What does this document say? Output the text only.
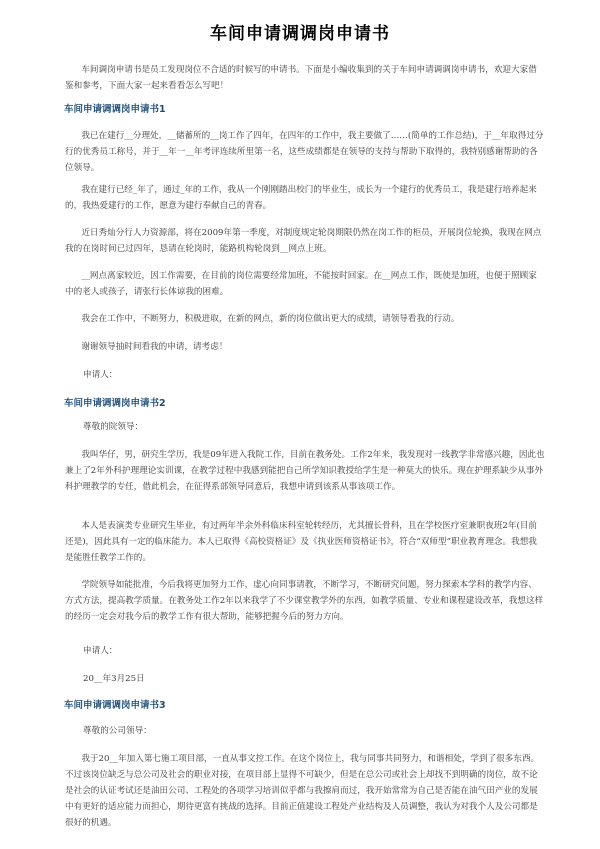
车间申请调调岗申请书

车间调岗申请书是员工发现岗位不合适的时候写的申请书。下面是小编收集到的关于车间申请调调岗申请书，欢迎大家借鉴和参考，下面大家一起来看看怎么写吧！

车间申请调调岗申请书1

我已在建行__分理处，__储蓄所的__岗工作了四年，在四年的工作中，我主要做了……(简单的工作总结)，于__年取得过分行的优秀员工称号，并于__年一__年考评连续所里第一名，这些成绩都是在领导的支持与帮助下取得的，我特别感谢帮助的各位领导。

我在建行已经_年了，通过_年的工作，我从一个刚刚踏出校门的毕业生，成长为一个建行的优秀员工，我是建行培养起来的，我热爱建行的工作，愿意为建行奉献自己的青春。

近日秀灿分行人力资源部，将在2009年第一季度，对制度规定轮岗期限仍然在岗工作的柜员，开展岗位轮换，我现在网点我的在岗时间已过四年，恳请在轮岗时，能路机构轮岗到__网点上班。

__网点离家较近，因工作需要，在目前的岗位需要经常加班，不能按时回家。在__网点工作，既使是加班，也便于照顾家中的老人或孩子，请张行长体谅我的困难。

我会在工作中，不断努力，积极进取，在新的网点，新的岗位做出更大的成绩，请领导看我的行动。

谢谢领导抽时间看我的申请，请考虑！

申请人：

车间申请调调岗申请书2

尊敬的院领导：

我叫华仔，男，研究生学历，我是09年进入我院工作，目前在教务处。工作2年来，我发现对一线教学非常感兴趣，因此也兼上了2年外科护理理论实训课，在教学过程中我感到能把自己所学知识教授给学生是一种莫大的快乐。现在护理系缺少从事外科护理教学的专任，借此机会，在征得系部领导同意后，我想申请到该系从事该项工作。

本人是表演类专业研究生毕业，有过两年半余外科临床科室轮转经历，尤其擅长骨科，且在学校医疗室兼职夜班2年(目前还是)，因此具有一定的临床能力。本人已取得《高校资格证》及《执业医师资格证书》，符合“双师型”职业教育理念。我想我是能胜任教学工作的。

学院领导如能批准，今后我将更加努力工作，虚心向同事请教，不断学习，不断研究问题，努力探索本学科的教学内容、方式方法，提高教学质量。在教务处工作2年以来我学了不少课堂教学外的东西，如教学质量、专业和课程建设改革，我想这样的经历一定会对我今后的教学工作有很大帮助，能够把握今后的努力方向。

申请人：

20__年3月25日

车间申请调调岗申请书3

尊敬的公司领导：

我于20__年加入第七施工项目部，一直从事文控工作。在这个岗位上，我与同事共同努力，和谐相处，学到了很多东西。不过该岗位缺乏与总公司及社会的职业对接，在项目部上显得不可缺少，但是在总公司或社会上却找不到明确的岗位，故不论是社会的认证考试还是油田公司、工程处的各项学习培训似乎都与我擦肩而过，我开始常常为自己是否能在油气田产业的发展中有更好的适应能力而担心，期待更富有挑战的选择。目前正值建设工程处产业结构及人员调整，我认为对我个人及公司都是很好的机遇。
